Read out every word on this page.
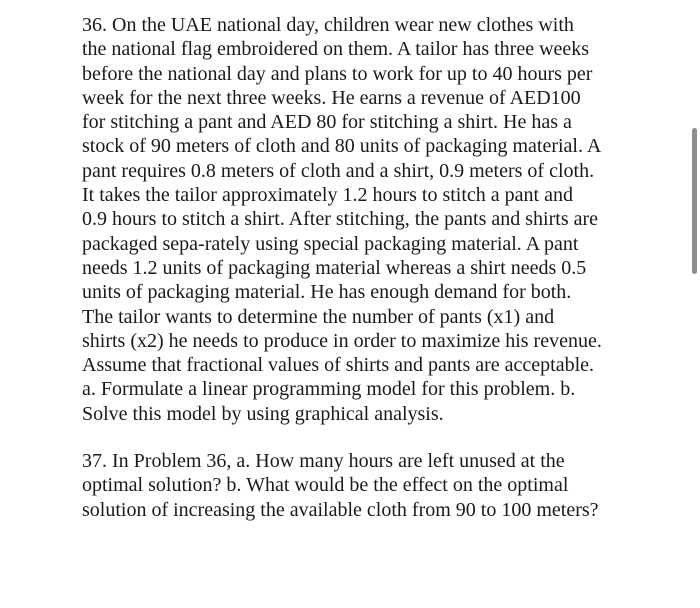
36. On the UAE national day, children wear new clothes with
the national flag embroidered on them. A tailor has three weeks
before the national day and plans to work for up to 40 hours per
week for the next three weeks. He earns a revenue of AED100
for stitching a pant and AED 80 for stitching a shirt. He has a
stock of 90 meters of cloth and 80 units of packaging material. A
pant requires 0.8 meters of cloth and a shirt, 0.9 meters of cloth.
It takes the tailor approximately 1.2 hours to stitch a pant and
0.9 hours to stitch a shirt. After stitching, the pants and shirts are
packaged sepa-rately using special packaging material. A pant
needs 1.2 units of packaging material whereas a shirt needs 0.5
units of packaging material. He has enough demand for both.
The tailor wants to determine the number of pants (x1) and
shirts (x2) he needs to produce in order to maximize his revenue.
Assume that fractional values of shirts and pants are acceptable.
a. Formulate a linear programming model for this problem. b.
Solve this model by using graphical analysis.

37. In Problem 36, a. How many hours are left unused at the
optimal solution? b. What would be the effect on the optimal
solution of increasing the available cloth from 90 to 100 meters?
